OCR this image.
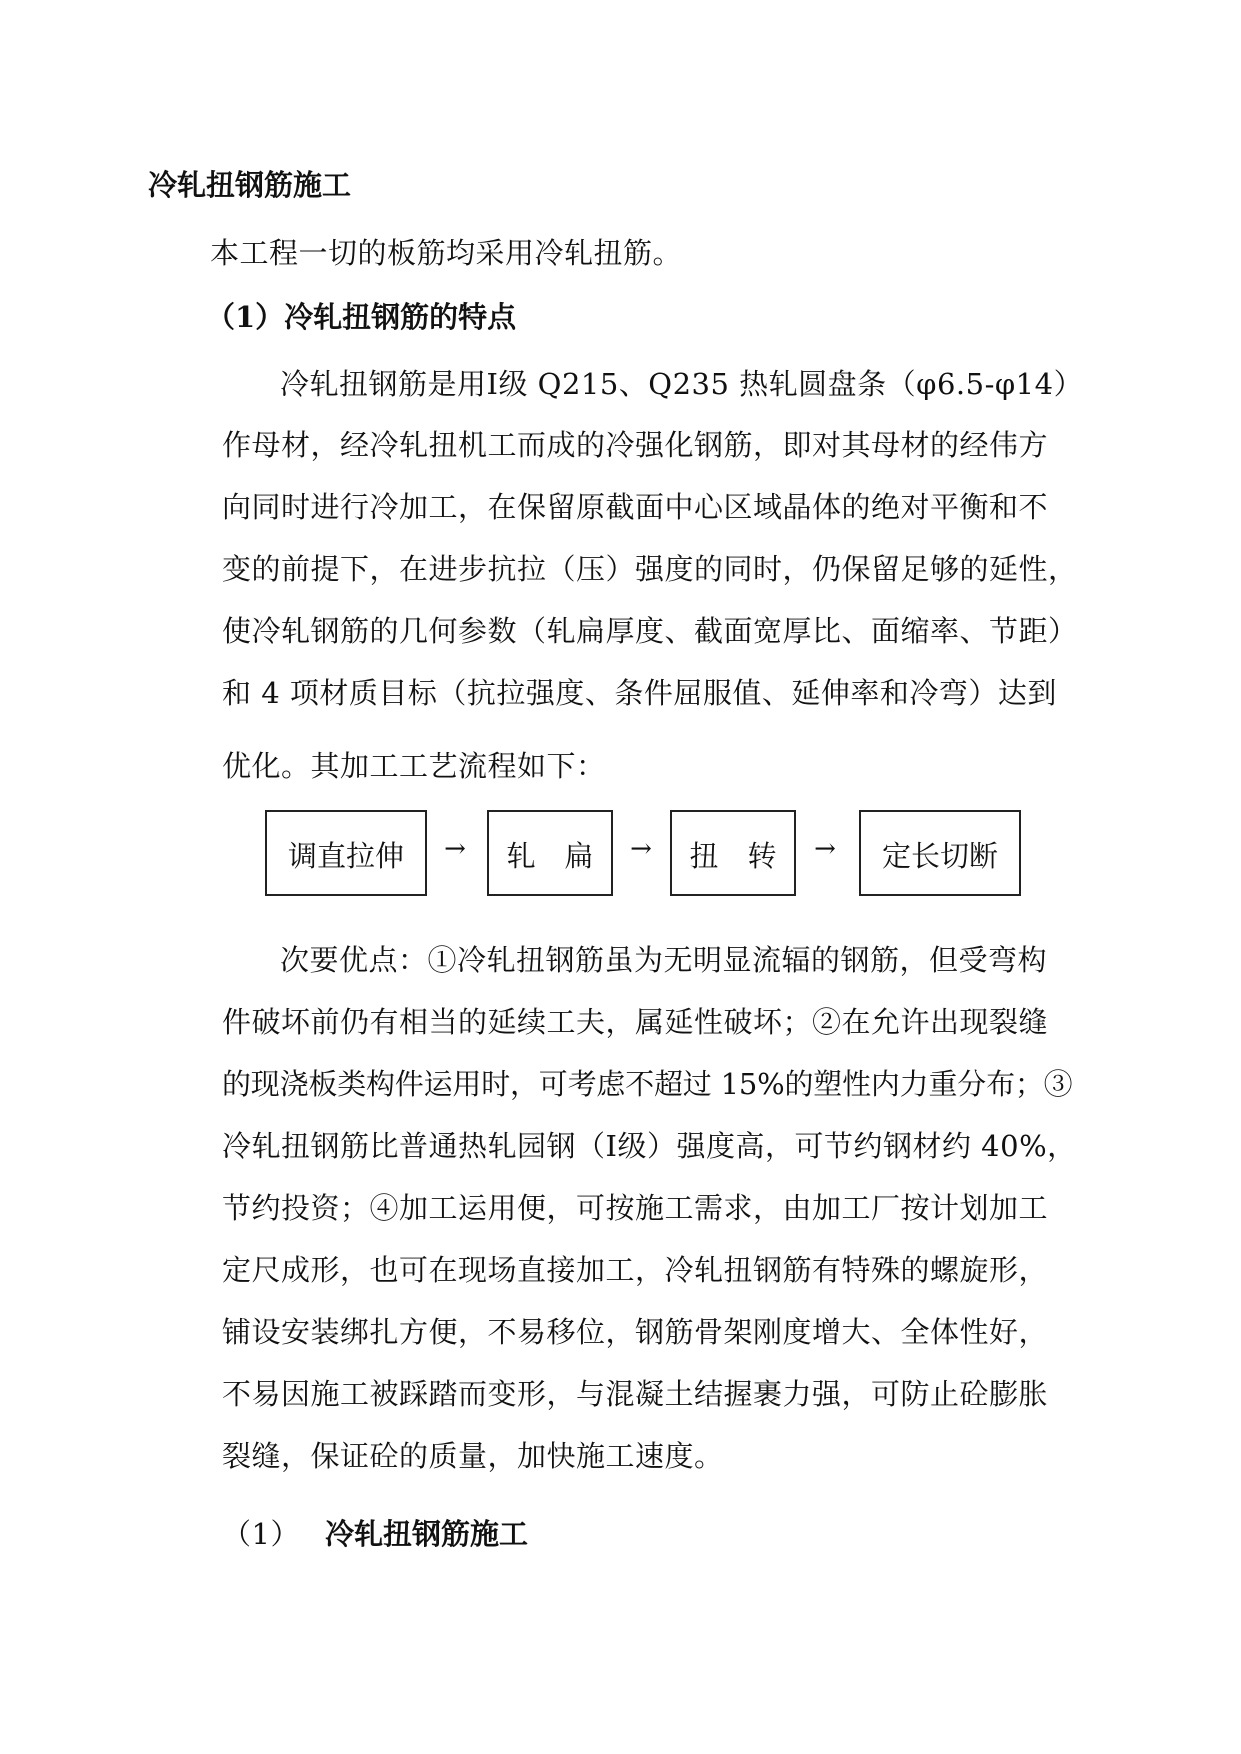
冷轧扭钢筋施工
本工程一切的板筋均采用冷轧扭筋。
（1）冷轧扭钢筋的特点
冷轧扭钢筋是用Ⅰ级 Q215、Q235 热轧圆盘条（φ6.5-φ14）
作母材，经冷轧扭机工而成的冷强化钢筋，即对其母材的经伟方
向同时进行冷加工，在保留原截面中心区域晶体的绝对平衡和不
变的前提下，在进步抗拉（压）强度的同时，仍保留足够的延性，
使冷轧钢筋的几何参数（轧扁厚度、截面宽厚比、面缩率、节距）
和 4 项材质目标（抗拉强度、条件屈服值、延伸率和冷弯）达到
优化。其加工工艺流程如下：
调直拉伸	→	轧　扁	→	扭　转	→	定长切断
次要优点：①冷轧扭钢筋虽为无明显流辐的钢筋，但受弯构
件破坏前仍有相当的延续工夫，属延性破坏；②在允许出现裂缝
的现浇板类构件运用时，可考虑不超过 15%的塑性内力重分布；③
冷轧扭钢筋比普通热轧园钢（Ⅰ级）强度高，可节约钢材约 40%，
节约投资；④加工运用便，可按施工需求，由加工厂按计划加工
定尺成形，也可在现场直接加工，冷轧扭钢筋有特殊的螺旋形，
铺设安装绑扎方便，不易移位，钢筋骨架刚度增大、全体性好，
不易因施工被踩踏而变形，与混凝土结握裹力强，可防止砼膨胀
裂缝，保证砼的质量，加快施工速度。
（1） 冷轧扭钢筋施工
